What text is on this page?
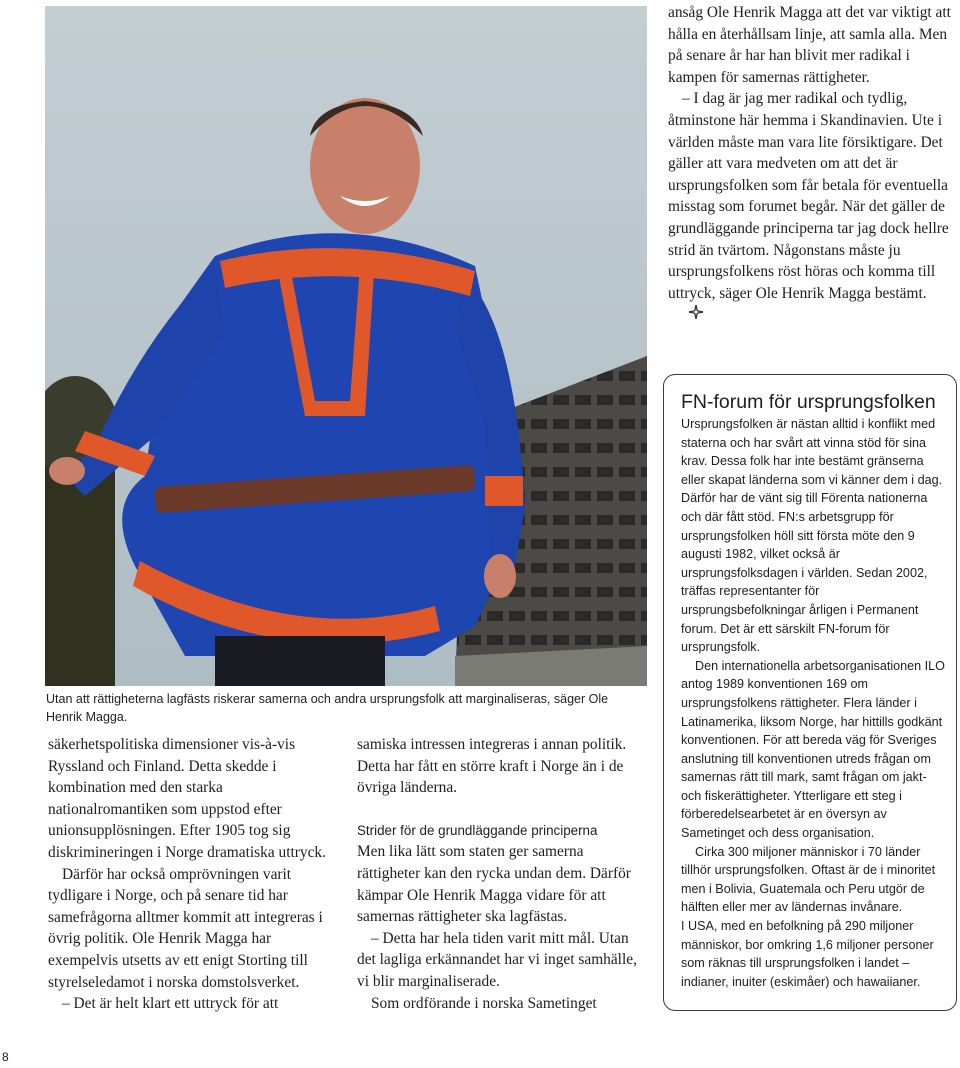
Utan att rättigheterna lagfästs riskerar samerna och andra ursprungsfolk att marginaliseras, säger Ole Henrik Magga.

ansåg Ole Henrik Magga att det var viktigt att hålla en återhållsam linje, att samla alla. Men på senare år har han blivit mer radikal i kampen för samernas rättigheter.

– I dag är jag mer radikal och tydlig, åtminstone här hemma i Skandinavien. Ute i världen måste man vara lite försiktigare. Det gäller att vara medveten om att det är ursprungsfolken som får betala för eventuella misstag som forumet begår. När det gäller de grundläggande principerna tar jag dock hellre strid än tvärtom. Någonstans måste ju ursprungsfolkens röst höras och komma till uttryck, säger Ole Henrik Magga bestämt.

säkerhetspolitiska dimensioner vis-à-vis Ryssland och Finland. Detta skedde i kombination med den starka nationalromantiken som uppstod efter unionsupplösningen. Efter 1905 tog sig diskrimineringen i Norge dramatiska uttryck.

Därför har också omprövningen varit tydligare i Norge, och på senare tid har samefrågorna alltmer kommit att integreras i övrig politik. Ole Henrik Magga har exempelvis utsetts av ett enigt Storting till styrelseledamot i norska domstolsverket.

– Det är helt klart ett uttryck för att

samiska intressen integreras i annan politik. Detta har fått en större kraft i Norge än i de övriga länderna.

Strider för de grundläggande principerna

Men lika lätt som staten ger samerna rättigheter kan den rycka undan dem. Därför kämpar Ole Henrik Magga vidare för att samernas rättigheter ska lagfästas.

– Detta har hela tiden varit mitt mål. Utan det lagliga erkännandet har vi inget samhälle, vi blir marginaliserade.

Som ordförande i norska Sametinget

FN-forum för ursprungsfolken

Ursprungsfolken är nästan alltid i konflikt med staterna och har svårt att vinna stöd för sina krav. Dessa folk har inte bestämt gränserna eller skapat länderna som vi känner dem i dag. Därför har de vänt sig till Förenta nationerna och där fått stöd. FN:s arbetsgrupp för ursprungsfolken höll sitt första möte den 9 augusti 1982, vilket också är ursprungsfolksdagen i världen. Sedan 2002, träffas representanter för ursprungsbefolkningar årligen i Permanent forum. Det är ett särskilt FN-forum för ursprungsfolk.

Den internationella arbetsorganisationen ILO antog 1989 konventionen 169 om ursprungsfolkens rättigheter. Flera länder i Latinamerika, liksom Norge, har hittills godkänt konventionen. För att bereda väg för Sveriges anslutning till konventionen utreds frågan om samernas rätt till mark, samt frågan om jakt- och fiskerättigheter. Ytterligare ett steg i förberedelsearbetet är en översyn av Sametinget och dess organisation.

Cirka 300 miljoner människor i 70 länder tillhör ursprungsfolken. Oftast är de i minoritet men i Bolivia, Guatemala och Peru utgör de hälften eller mer av ländernas invånare.

I USA, med en befolkning på 290 miljoner människor, bor omkring 1,6 miljoner personer som räknas till ursprungsfolken i landet – indianer, inuiter (eskimåer) och hawaiianer.

8
